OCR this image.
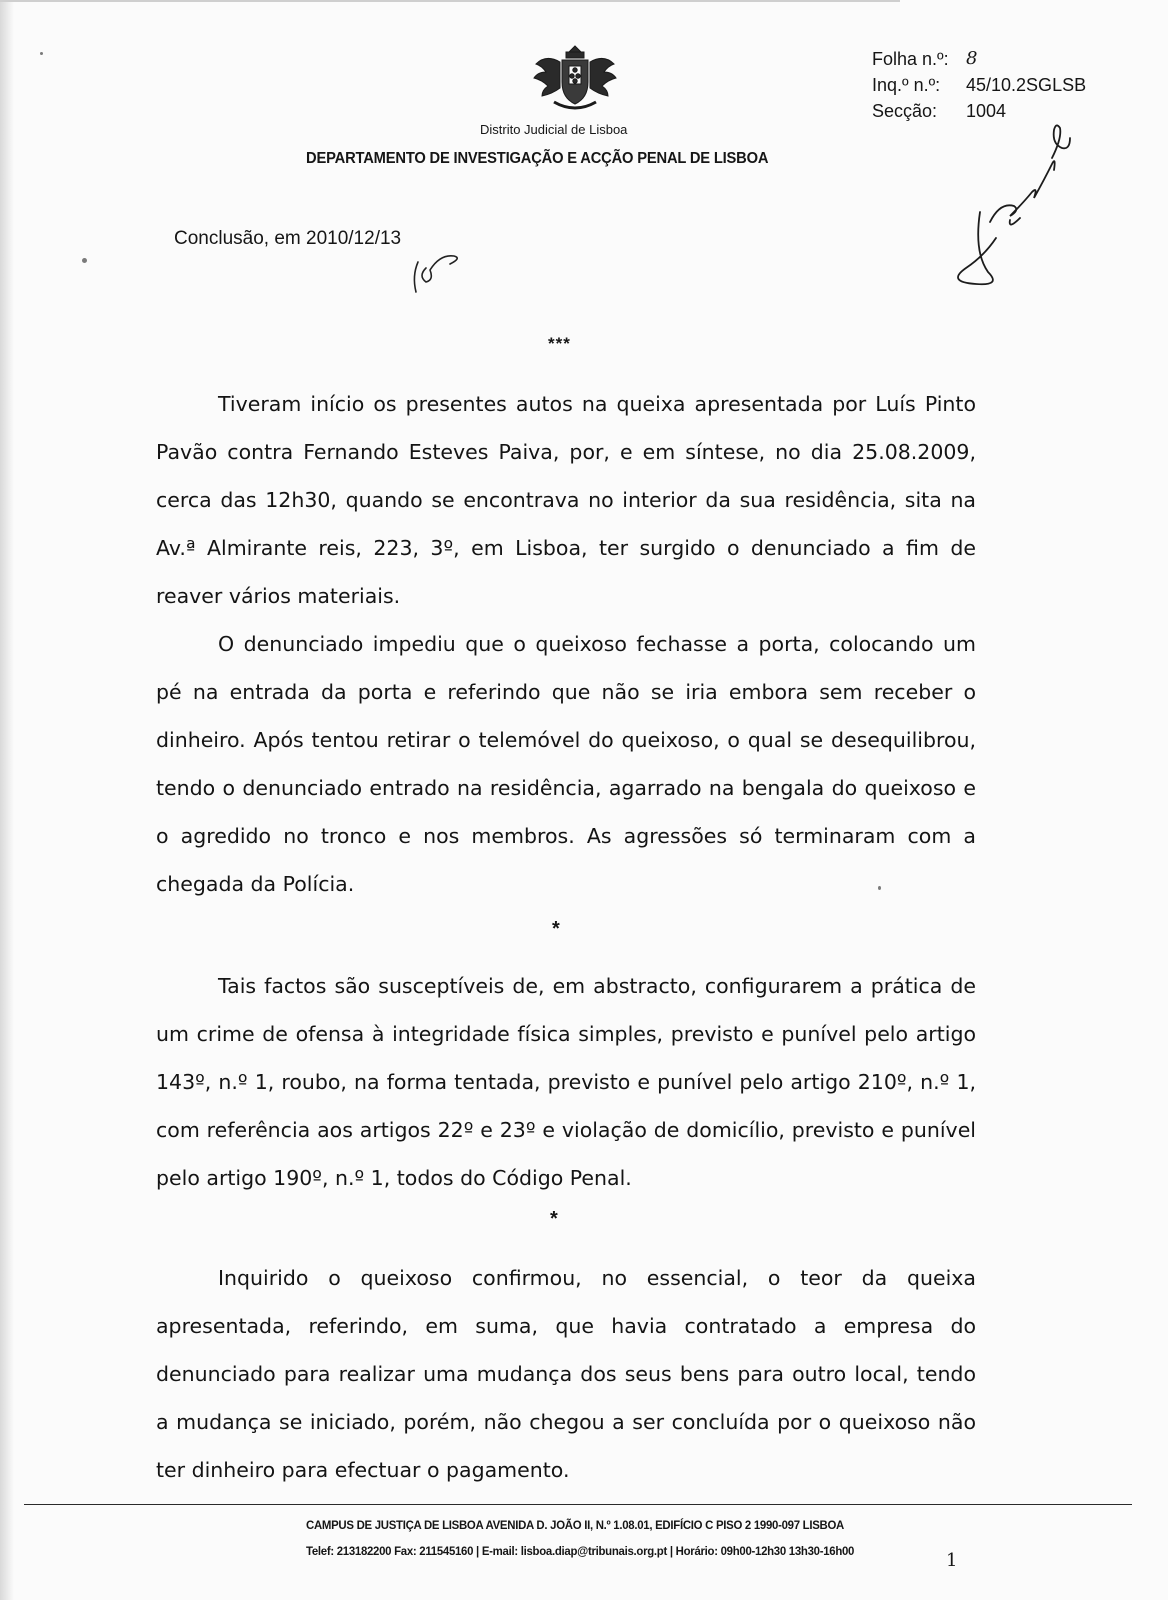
Distrito Judicial de Lisboa
DEPARTAMENTO DE INVESTIGAÇÃO E ACÇÃO PENAL DE LISBOA
Folha n.º: 8
Inq.º n.º:	45/10.2SGLSB
Secção:	1004
Conclusão, em 2010/12/13
***

Tiveram início os presentes autos na queixa apresentada por Luís Pinto Pavão contra Fernando Esteves Paiva, por, e em síntese, no dia 25.08.2009, cerca das 12h30, quando se encontrava no interior da sua residência, sita na Av.ª Almirante reis, 223, 3º, em Lisboa, ter surgido o denunciado a fim de reaver vários materiais.

O denunciado impediu que o queixoso fechasse a porta, colocando um pé na entrada da porta e referindo que não se iria embora sem receber o dinheiro. Após tentou retirar o telemóvel do queixoso, o qual se desequilibrou, tendo o denunciado entrado na residência, agarrado na bengala do queixoso e o agredido no tronco e nos membros. As agressões só terminaram com a chegada da Polícia.

*

Tais factos são susceptíveis de, em abstracto, configurarem a prática de um crime de ofensa à integridade física simples, previsto e punível pelo artigo 143º, n.º 1, roubo, na forma tentada, previsto e punível pelo artigo 210º, n.º 1, com referência aos artigos 22º e 23º e violação de domicílio, previsto e punível pelo artigo 190º, n.º 1, todos do Código Penal.

*

Inquirido o queixoso confirmou, no essencial, o teor da queixa apresentada, referindo, em suma, que havia contratado a empresa do denunciado para realizar uma mudança dos seus bens para outro local, tendo a mudança se iniciado, porém, não chegou a ser concluída por o queixoso não ter dinheiro para efectuar o pagamento.

CAMPUS DE JUSTIÇA DE LISBOA AVENIDA D. JOÃO II, N.º 1.08.01, EDIFÍCIO C PISO 2 1990-097 LISBOA
Telef: 213182200 Fax: 211545160 | E-mail: lisboa.diap@tribunais.org.pt | Horário: 09h00-12h30 13h30-16h00	1
